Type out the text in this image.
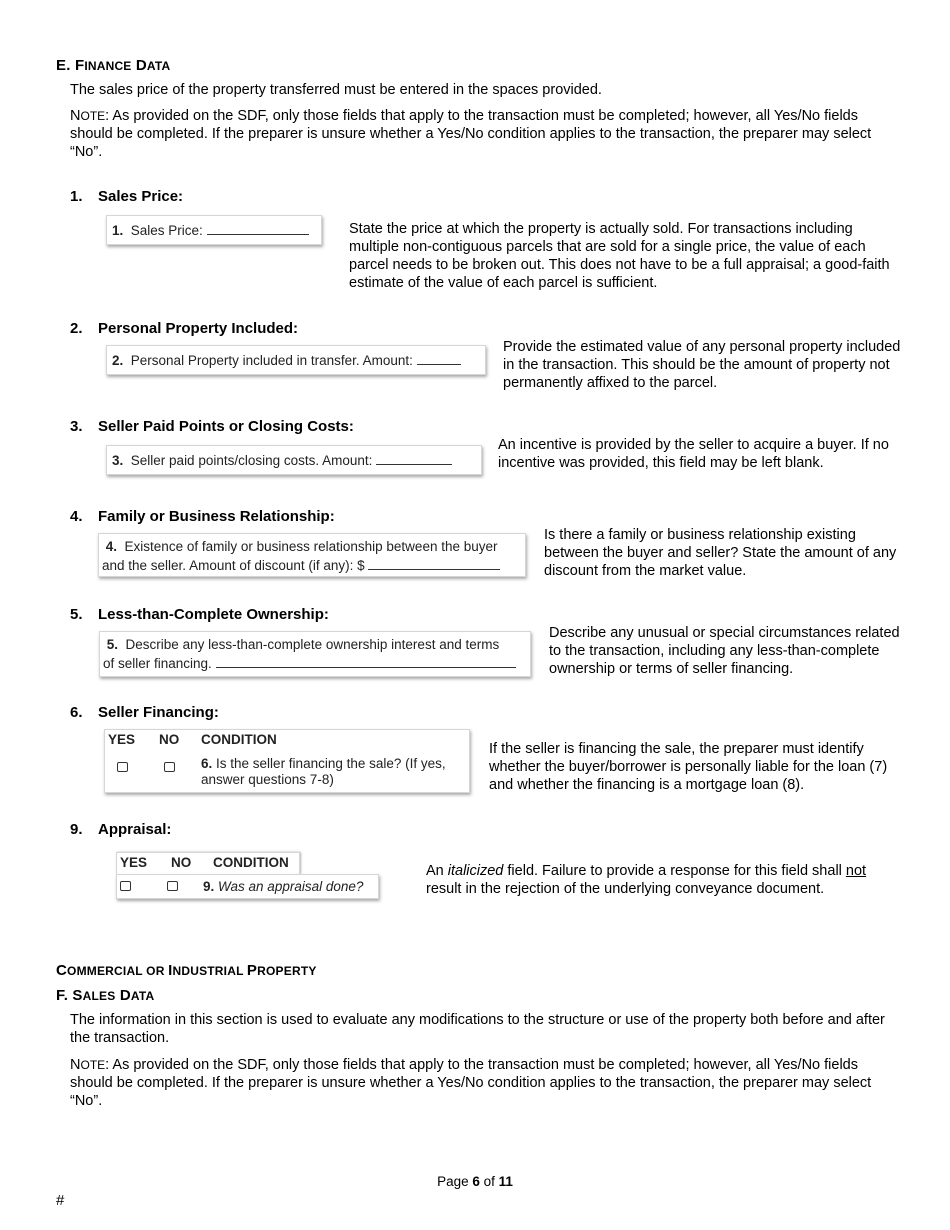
E. FINANCE DATA
The sales price of the property transferred must be entered in the spaces provided.
NOTE: As provided on the SDF, only those fields that apply to the transaction must be completed; however, all Yes/No fields should be completed. If the preparer is unsure whether a Yes/No condition applies to the transaction, the preparer may select “No”.
1. Sales Price:
1. Sales Price:	State the price at which the property is actually sold. For transactions including multiple non-contiguous parcels that are sold for a single price, the value of each parcel needs to be broken out. This does not have to be a full appraisal; a good-faith estimate of the value of each parcel is sufficient.
2. Personal Property Included:
2. Personal Property included in transfer. Amount:
Provide the estimated value of any personal property included in the transaction. This should be the amount of property not permanently affixed to the parcel.
3. Seller Paid Points or Closing Costs:
3. Seller paid points/closing costs. Amount:
An incentive is provided by the seller to acquire a buyer. If no incentive was provided, this field may be left blank.
4. Family or Business Relationship:
4. Existence of family or business relationship between the buyer
and the seller. Amount of discount (if any): $
Is there a family or business relationship existing between the buyer and seller? State the amount of any discount from the market value.
5. Less-than-Complete Ownership:
5. Describe any less-than-complete ownership interest and terms
of seller financing.
Describe any unusual or special circumstances related to the transaction, including any less-than-complete ownership or terms of seller financing.
6. Seller Financing:
YES NO CONDITION
6. Is the seller financing the sale? (If yes,
answer questions 7-8)
If the seller is financing the sale, the preparer must identify whether the buyer/borrower is personally liable for the loan (7) and whether the financing is a mortgage loan (8).
9. Appraisal:
YES NO CONDITION
9. Was an appraisal done?
An italicized field. Failure to provide a response for this field shall not result in the rejection of the underlying conveyance document.
COMMERCIAL OR INDUSTRIAL PROPERTY
F. SALES DATA
The information in this section is used to evaluate any modifications to the structure or use of the property both before and after the transaction.
NOTE: As provided on the SDF, only those fields that apply to the transaction must be completed; however, all Yes/No fields should be completed. If the preparer is unsure whether a Yes/No condition applies to the transaction, the preparer may select “No”.
Page 6 of 11
#
